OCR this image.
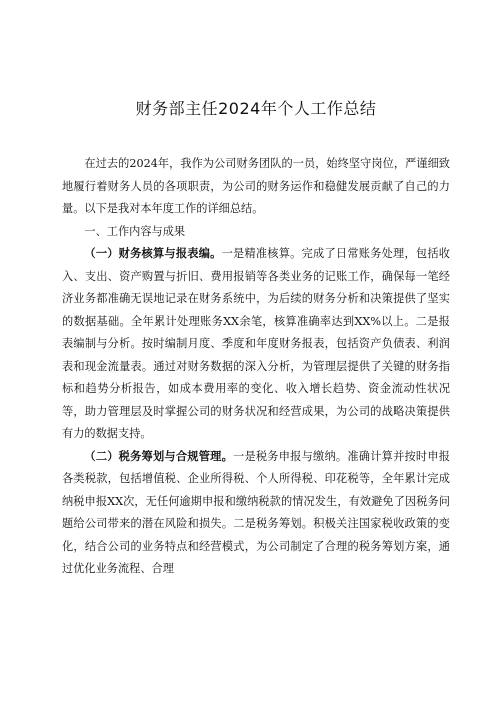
财务部主任2024年个人工作总结

在过去的2024年，我作为公司财务团队的一员，始终坚守岗位，严谨细致地履行着财务人员的各项职责，为公司的财务运作和稳健发展贡献了自己的力量。以下是我对本年度工作的详细总结。

一、工作内容与成果

（一）财务核算与报表编。一是精准核算。完成了日常账务处理，包括收入、支出、资产购置与折旧、费用报销等各类业务的记账工作，确保每一笔经济业务都准确无误地记录在财务系统中，为后续的财务分析和决策提供了坚实的数据基础。全年累计处理账务XX余笔，核算准确率达到XX%以上。二是报表编制与分析。按时编制月度、季度和年度财务报表，包括资产负债表、利润表和现金流量表。通过对财务数据的深入分析，为管理层提供了关键的财务指标和趋势分析报告，如成本费用率的变化、收入增长趋势、资金流动性状况等，助力管理层及时掌握公司的财务状况和经营成果，为公司的战略决策提供有力的数据支持。

（二）税务筹划与合规管理。一是税务申报与缴纳。准确计算并按时申报各类税款，包括增值税、企业所得税、个人所得税、印花税等，全年累计完成纳税申报XX次，无任何逾期申报和缴纳税款的情况发生，有效避免了因税务问题给公司带来的潜在风险和损失。二是税务筹划。积极关注国家税收政策的变化，结合公司的业务特点和经营模式，为公司制定了合理的税务筹划方案，通过优化业务流程、合理
